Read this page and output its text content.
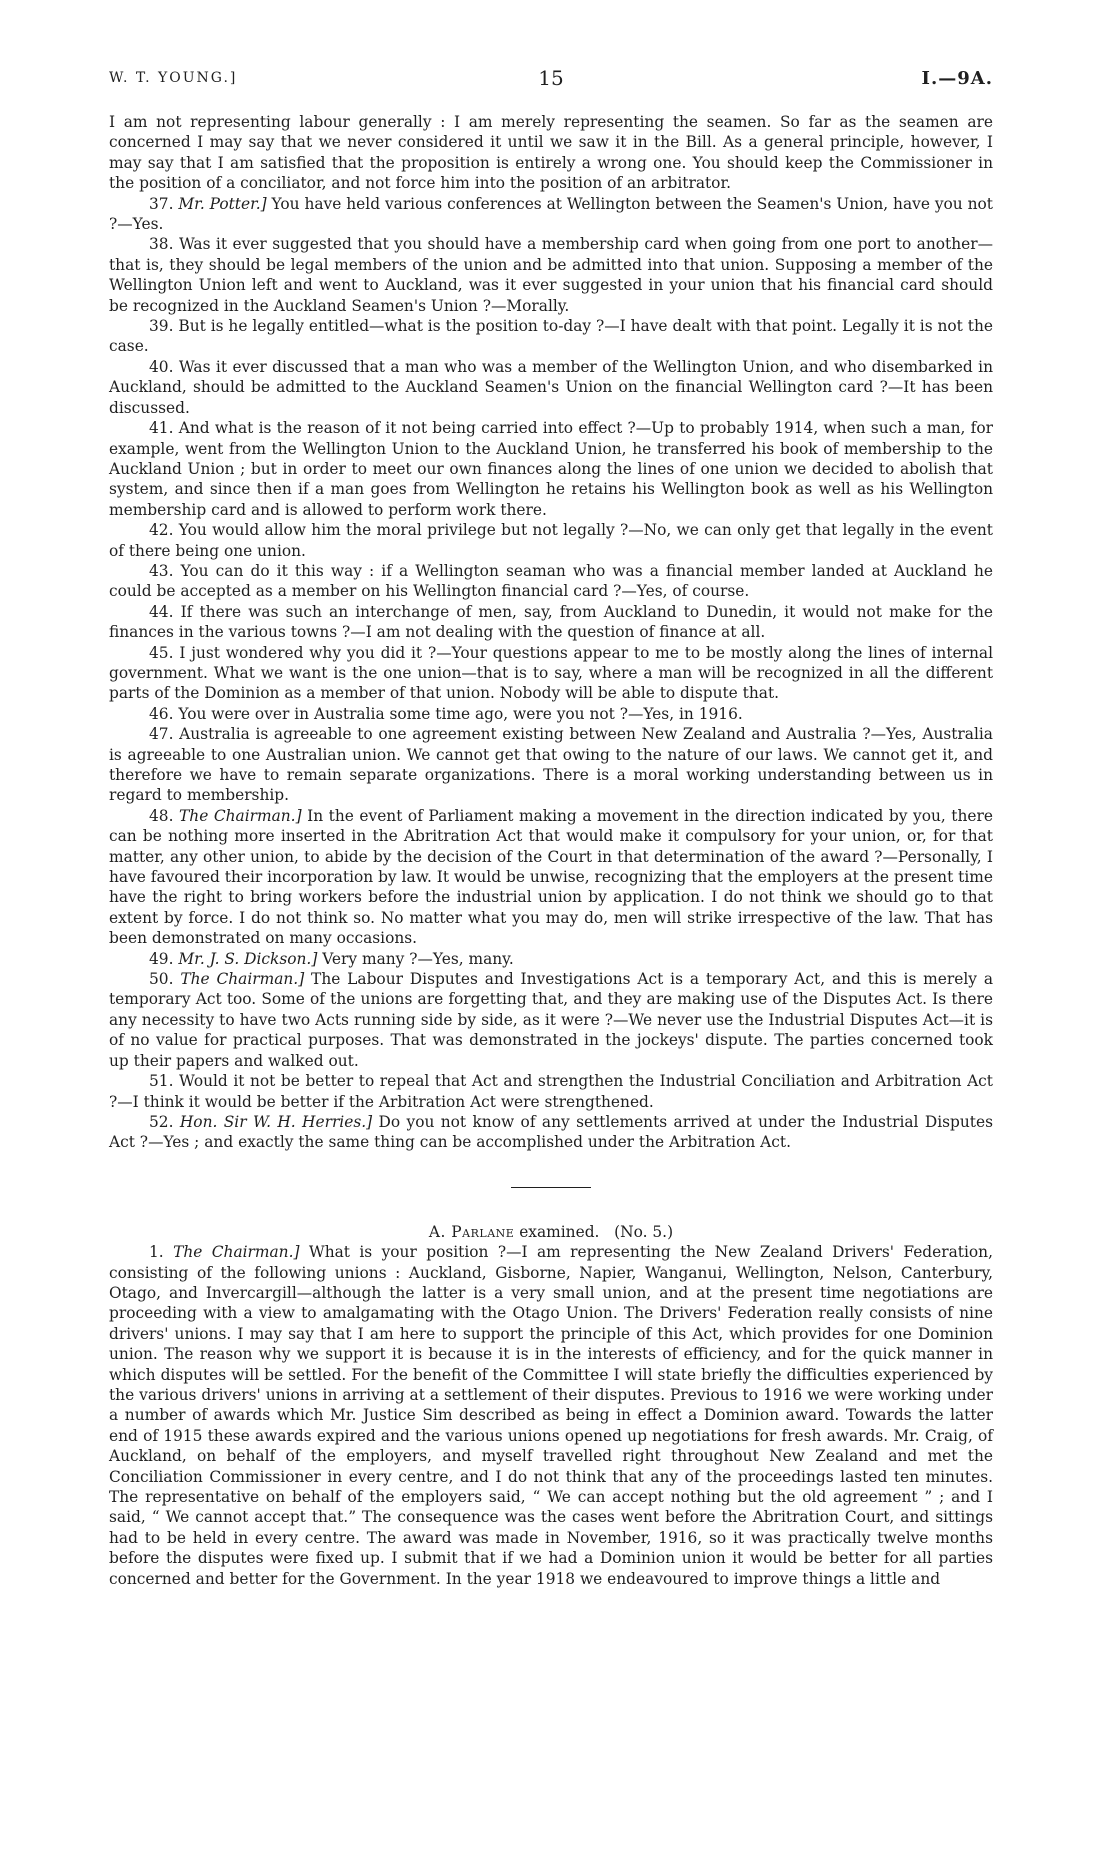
W. T. YOUNG.]	15	I.—9A.

I am not representing labour generally : I am merely representing the seamen. So far as the seamen are concerned I may say that we never considered it until we saw it in the Bill. As a general principle, however, I may say that I am satisfied that the proposition is entirely a wrong one. You should keep the Commissioner in the position of a conciliator, and not force him into the position of an arbitrator.

37. Mr. Potter.] You have held various conferences at Wellington between the Seamen's Union, have you not ?—Yes.

38. Was it ever suggested that you should have a membership card when going from one port to another—that is, they should be legal members of the union and be admitted into that union. Supposing a member of the Wellington Union left and went to Auckland, was it ever suggested in your union that his financial card should be recognized in the Auckland Seamen's Union ?—Morally.

39. But is he legally entitled—what is the position to-day ?—I have dealt with that point. Legally it is not the case.

40. Was it ever discussed that a man who was a member of the Wellington Union, and who disembarked in Auckland, should be admitted to the Auckland Seamen's Union on the financial Wellington card ?—It has been discussed.

41. And what is the reason of it not being carried into effect ?—Up to probably 1914, when such a man, for example, went from the Wellington Union to the Auckland Union, he transferred his book of membership to the Auckland Union ; but in order to meet our own finances along the lines of one union we decided to abolish that system, and since then if a man goes from Wellington he retains his Wellington book as well as his Wellington membership card and is allowed to perform work there.

42. You would allow him the moral privilege but not legally ?—No, we can only get that legally in the event of there being one union.

43. You can do it this way : if a Wellington seaman who was a financial member landed at Auckland he could be accepted as a member on his Wellington financial card ?—Yes, of course.

44. If there was such an interchange of men, say, from Auckland to Dunedin, it would not make for the finances in the various towns ?—I am not dealing with the question of finance at all.

45. I just wondered why you did it ?—Your questions appear to me to be mostly along the lines of internal government. What we want is the one union—that is to say, where a man will be recognized in all the different parts of the Dominion as a member of that union. Nobody will be able to dispute that.

46. You were over in Australia some time ago, were you not ?—Yes, in 1916.

47. Australia is agreeable to one agreement existing between New Zealand and Australia ?—Yes, Australia is agreeable to one Australian union. We cannot get that owing to the nature of our laws. We cannot get it, and therefore we have to remain separate organizations. There is a moral working understanding between us in regard to membership.

48. The Chairman.] In the event of Parliament making a movement in the direction indicated by you, there can be nothing more inserted in the Abritration Act that would make it compulsory for your union, or, for that matter, any other union, to abide by the decision of the Court in that determination of the award ?—Personally, I have favoured their incorporation by law. It would be unwise, recognizing that the employers at the present time have the right to bring workers before the industrial union by application. I do not think we should go to that extent by force. I do not think so. No matter what you may do, men will strike irrespective of the law. That has been demonstrated on many occasions.

49. Mr. J. S. Dickson.] Very many ?—Yes, many.

50. The Chairman.] The Labour Disputes and Investigations Act is a temporary Act, and this is merely a temporary Act too. Some of the unions are forgetting that, and they are making use of the Disputes Act. Is there any necessity to have two Acts running side by side, as it were ?—We never use the Industrial Disputes Act—it is of no value for practical purposes. That was demonstrated in the jockeys' dispute. The parties concerned took up their papers and walked out.

51. Would it not be better to repeal that Act and strengthen the Industrial Conciliation and Arbitration Act ?—I think it would be better if the Arbitration Act were strengthened.

52. Hon. Sir W. H. Herries.] Do you not know of any settlements arrived at under the Industrial Disputes Act ?—Yes ; and exactly the same thing can be accomplished under the Arbitration Act.

A. Parlane examined. (No. 5.)

1. The Chairman.] What is your position ?—I am representing the New Zealand Drivers' Federation, consisting of the following unions : Auckland, Gisborne, Napier, Wanganui, Wellington, Nelson, Canterbury, Otago, and Invercargill—although the latter is a very small union, and at the present time negotiations are proceeding with a view to amalgamating with the Otago Union. The Drivers' Federation really consists of nine drivers' unions. I may say that I am here to support the principle of this Act, which provides for one Dominion union. The reason why we support it is because it is in the interests of efficiency, and for the quick manner in which disputes will be settled. For the benefit of the Committee I will state briefly the difficulties experienced by the various drivers' unions in arriving at a settlement of their disputes. Previous to 1916 we were working under a number of awards which Mr. Justice Sim described as being in effect a Dominion award. Towards the latter end of 1915 these awards expired and the various unions opened up negotiations for fresh awards. Mr. Craig, of Auckland, on behalf of the employers, and myself travelled right throughout New Zealand and met the Conciliation Commissioner in every centre, and I do not think that any of the proceedings lasted ten minutes. The representative on behalf of the employers said, “ We can accept nothing but the old agreement ” ; and I said, “ We cannot accept that.” The consequence was the cases went before the Abritration Court, and sittings had to be held in every centre. The award was made in November, 1916, so it was practically twelve months before the disputes were fixed up. I submit that if we had a Dominion union it would be better for all parties concerned and better for the Government. In the year 1918 we endeavoured to improve things a little and
